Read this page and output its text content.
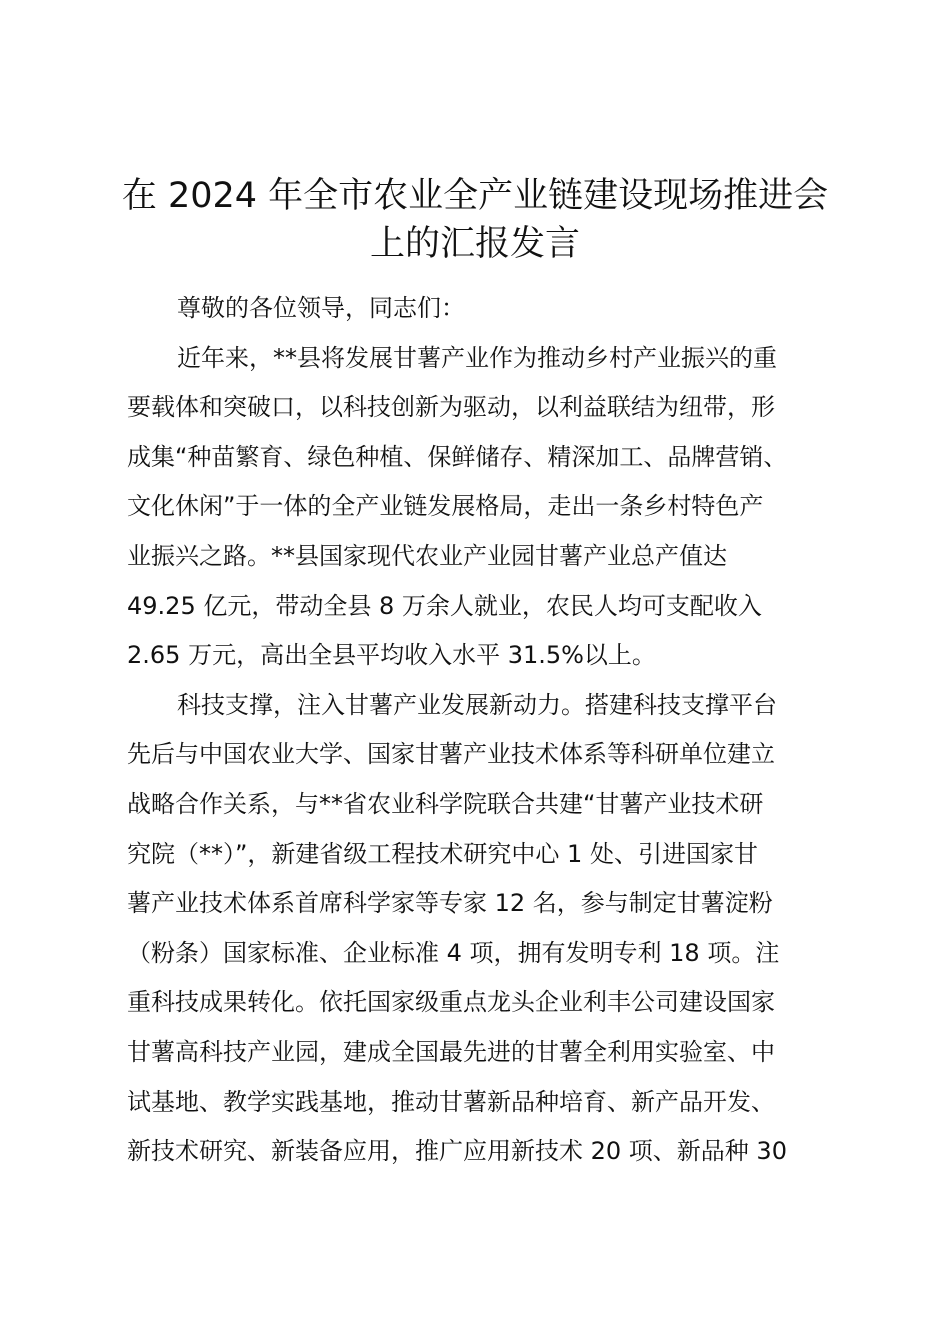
在 2024 年全市农业全产业链建设现场推进会
上的汇报发言
尊敬的各位领导，同志们：
近年来，**县将发展甘薯产业作为推动乡村产业振兴的重
要载体和突破口，以科技创新为驱动，以利益联结为纽带，形
成集“种苗繁育、绿色种植、保鲜储存、精深加工、品牌营销、
文化休闲”于一体的全产业链发展格局，走出一条乡村特色产
业振兴之路。**县国家现代农业产业园甘薯产业总产值达
49.25 亿元，带动全县 8 万余人就业，农民人均可支配收入
2.65 万元，高出全县平均收入水平 31.5%以上。
科技支撑，注入甘薯产业发展新动力。搭建科技支撑平台
先后与中国农业大学、国家甘薯产业技术体系等科研单位建立
战略合作关系，与**省农业科学院联合共建“甘薯产业技术研
究院（**）”，新建省级工程技术研究中心 1 处、引进国家甘
薯产业技术体系首席科学家等专家 12 名，参与制定甘薯淀粉
（粉条）国家标准、企业标准 4 项，拥有发明专利 18 项。注
重科技成果转化。依托国家级重点龙头企业利丰公司建设国家
甘薯高科技产业园，建成全国最先进的甘薯全利用实验室、中
试基地、教学实践基地，推动甘薯新品种培育、新产品开发、
新技术研究、新装备应用，推广应用新技术 20 项、新品种 30
